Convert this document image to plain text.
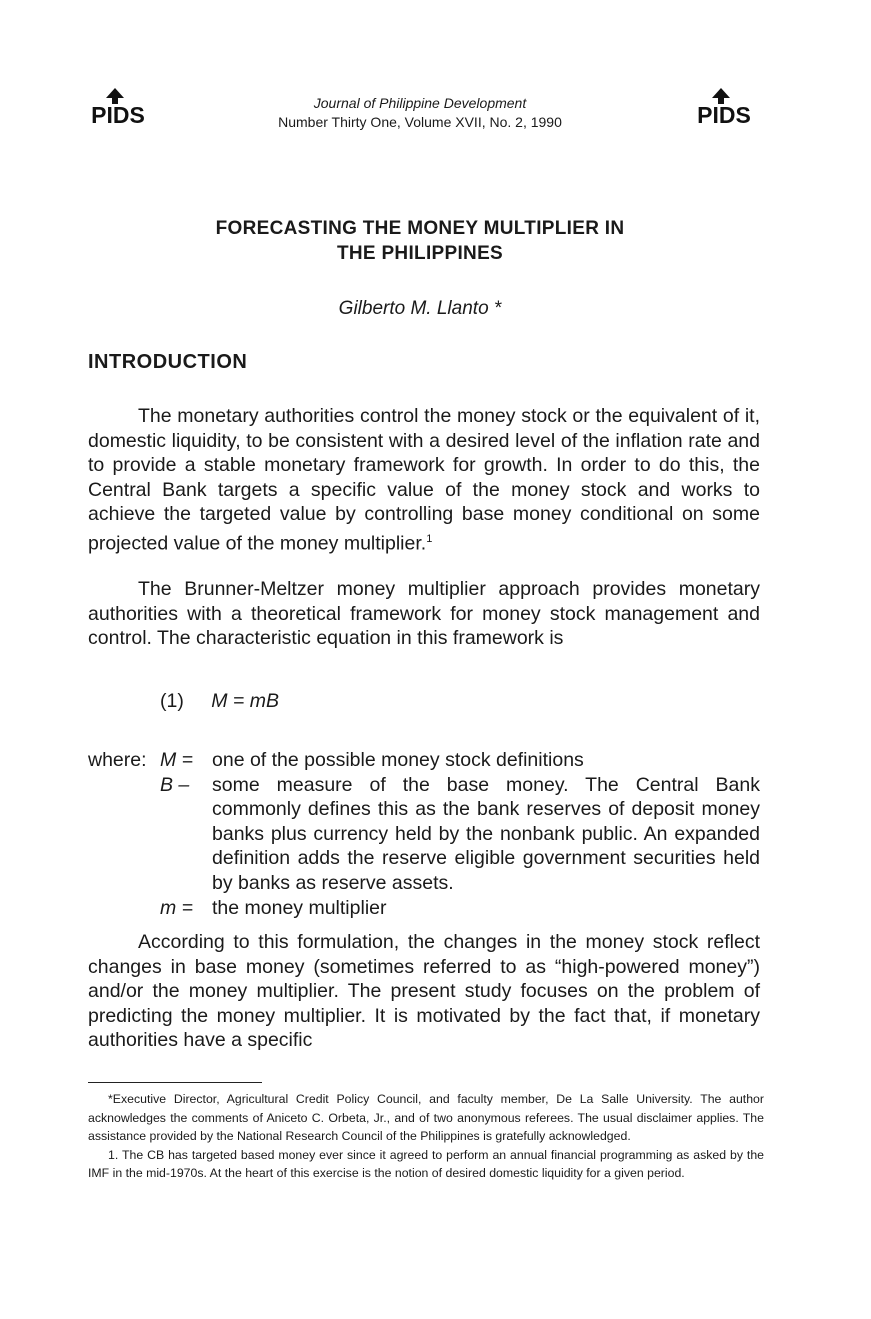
PIDS	PIDS
Journal of Philippine Development
Number Thirty One, Volume XVII, No. 2, 1990
FORECASTING THE MONEY MULTIPLIER IN
THE PHILIPPINES
Gilberto M. Llanto *
INTRODUCTION

The monetary authorities control the money stock or the equivalent of it, domestic liquidity, to be consistent with a desired level of the inflation rate and to provide a stable monetary framework for growth. In order to do this, the Central Bank targets a specific value of the money stock and works to achieve the targeted value by controlling base money conditional on some projected value of the money multiplier.$^1$

The Brunner-Meltzer money multiplier approach provides monetary authorities with a theoretical framework for money stock management and control. The characteristic equation in this framework is

(1) M = mB
where: M = one of the possible money stock definitions
B –	some measure of the base money. The Central Bank commonly defines this as the bank reserves of deposit money banks plus currency held by the nonbank public. An expanded definition adds the reserve eligible government securities held by banks as reserve assets.
m = the money multiplier

According to this formulation, the changes in the money stock reflect changes in base money (sometimes referred to as “high-powered money”) and/or the money multiplier. The present study focuses on the problem of predicting the money multiplier. It is motivated by the fact that, if monetary authorities have a specific

*Executive Director, Agricultural Credit Policy Council, and faculty member, De La Salle University. The author acknowledges the comments of Aniceto C. Orbeta, Jr., and of two anonymous referees. The usual disclaimer applies. The assistance provided by the National Research Council of the Philippines is gratefully acknowledged.

1. The CB has targeted based money ever since it agreed to perform an annual financial programming as asked by the IMF in the mid-1970s. At the heart of this exercise is the notion of desired domestic liquidity for a given period.
